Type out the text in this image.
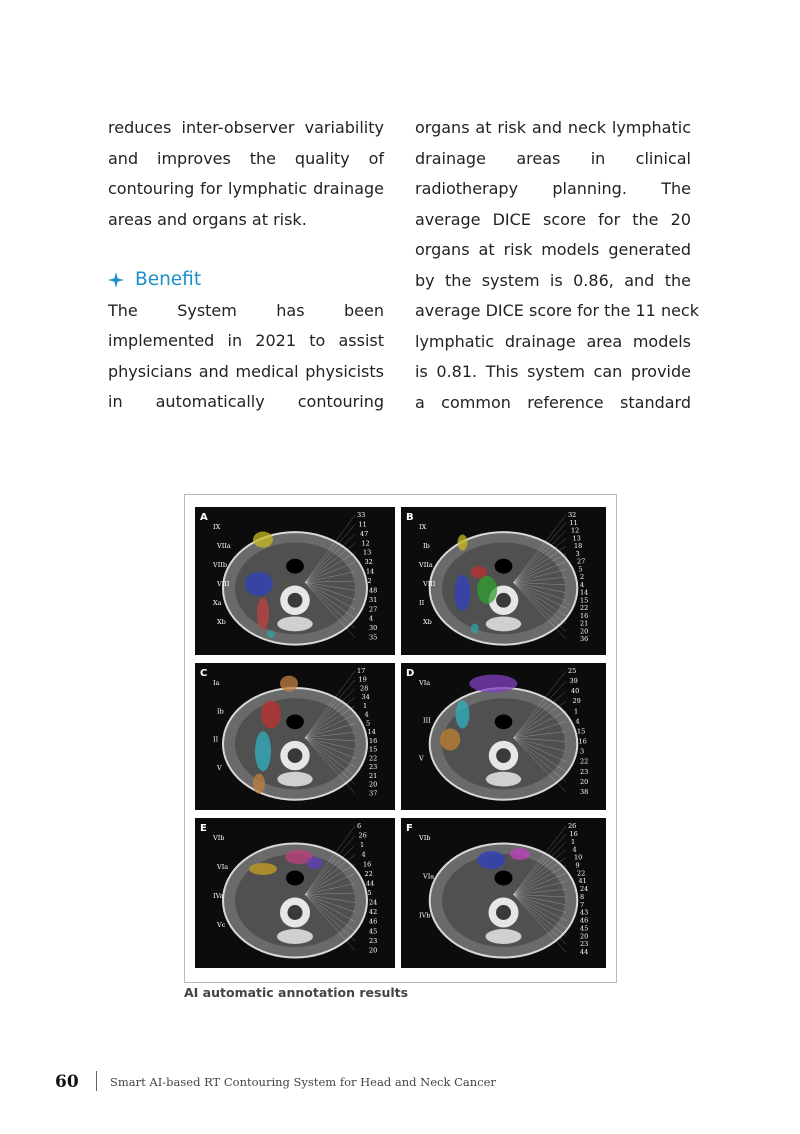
reduces inter-observer variability
and improves the quality of
contouring for lymphatic drainage
areas and organs at risk.
Benefit
The System has been
implemented in 2021 to assist
physicians and medical physicists
in automatically contouring
organs at risk and neck lymphatic
drainage areas in clinical
radiotherapy planning. The
average DICE score for the 20
organs at risk models generated
by the system is 0.86, and the
average DICE score for the 11 neck
lymphatic drainage area models
is 0.81. This system can provide
a common reference standard
A
IX
VIIa
VIIb
VIII
Xa
Xb
33
11
47
12
13
32
14
2
48
31
27
4
30
35
B
IX
Ib
VIIa
VIII
II
Xb
32
11
12
13
18
3
27
5
2
4
14
15
22
16
21
20
36
C
Ia
Ib
II
V
17
19
28
34
1
4
5
14
16
15
22
23
21
20
37
D
VIa
III
V
25
39
40
29
1
4
15
16
3
22
23
20
38
E
VIb
VIa
IVa
Vc
6
26
1
4
16
22
44
5
24
42
46
45
23
20
F
VIb
VIa
IVb
26
16
1
4
10
9
22
41
24
8
7
43
46
45
20
23
44
AI automatic annotation results
60	Smart AI-based RT Contouring System for Head and Neck Cancer
